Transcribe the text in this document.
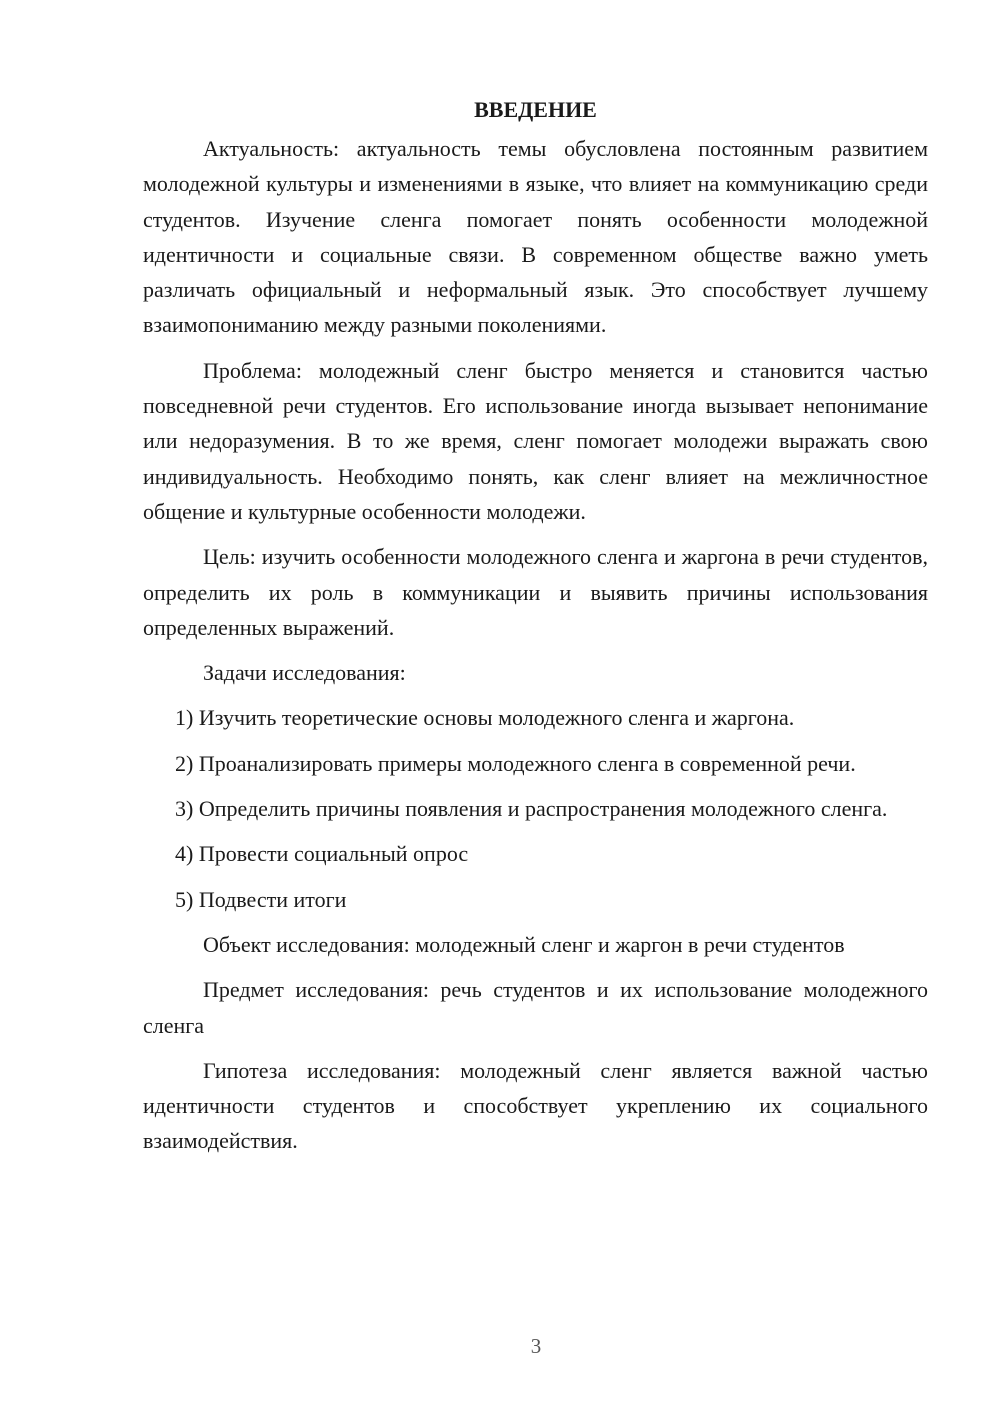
ВВЕДЕНИЕ

Актуальность: актуальность темы обусловлена постоянным развитием молодежной культуры и изменениями в языке, что влияет на коммуникацию среди студентов. Изучение сленга помогает понять особенности молодежной идентичности и социальные связи. В современном обществе важно уметь различать официальный и неформальный язык. Это способствует лучшему взаимопониманию между разными поколениями.

Проблема: молодежный сленг быстро меняется и становится частью повседневной речи студентов. Его использование иногда вызывает непонимание или недоразумения. В то же время, сленг помогает молодежи выражать свою индивидуальность. Необходимо понять, как сленг влияет на межличностное общение и культурные особенности молодежи.

Цель: изучить особенности молодежного сленга и жаргона в речи студентов, определить их роль в коммуникации и выявить причины использования определенных выражений.

Задачи исследования:

1) Изучить теоретические основы молодежного сленга и жаргона.

2) Проанализировать примеры молодежного сленга в современной речи.

3) Определить причины появления и распространения молодежного сленга.

4) Провести социальный опрос

5) Подвести итоги

Объект исследования: молодежный сленг и жаргон в речи студентов

Предмет исследования: речь студентов и их использование молодежного сленга

Гипотеза исследования: молодежный сленг является важной частью идентичности студентов и способствует укреплению их социального взаимодействия.

3
